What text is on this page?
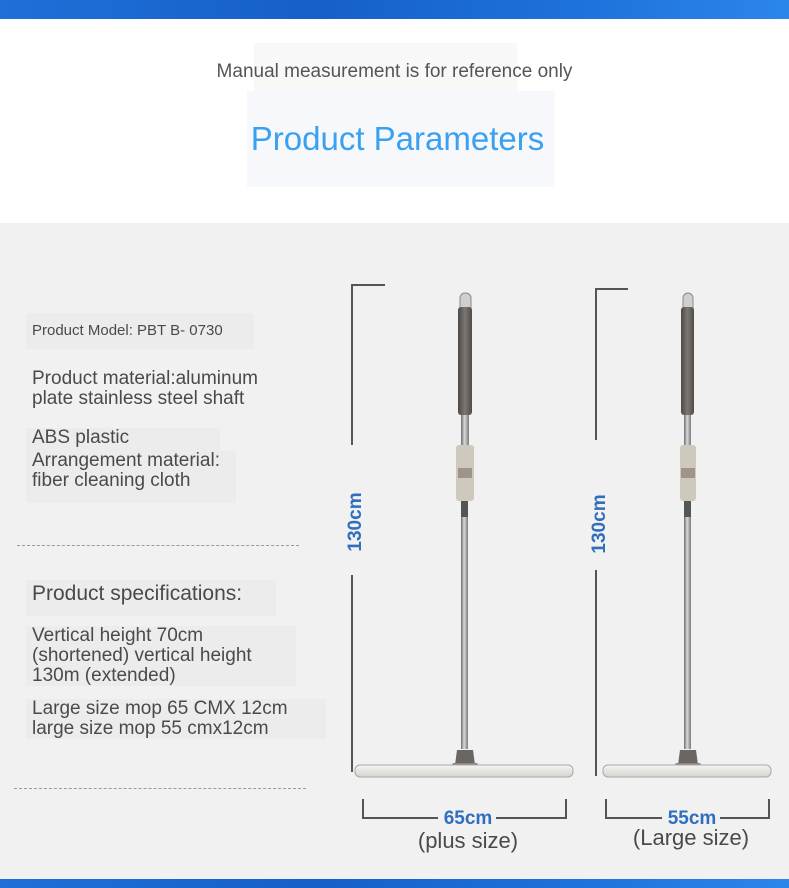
Manual measurement is for reference only
Product Parameters
Product Model: PBT B- 0730
Product material:aluminum
plate stainless steel shaft
ABS plastic
Arrangement material:
fiber cleaning cloth
Product specifications:
Vertical height 70cm
(shortened) vertical height
130m (extended)
Large size mop 65 CMX 12cm
large size mop 55 cmx12cm
130cm
65cm
(plus size)
130cm
55cm
(Large size)
